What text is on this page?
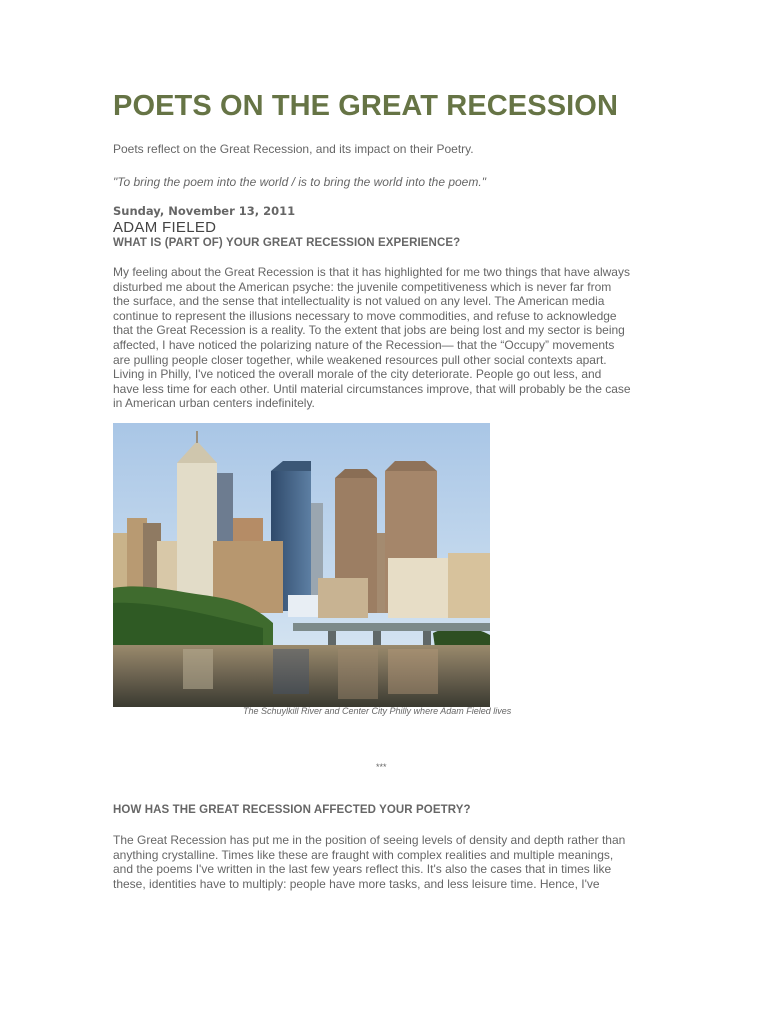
POETS ON THE GREAT RECESSION
Poets reflect on the Great Recession, and its impact on their Poetry.
"To bring the poem into the world / is to bring the world into the poem."
Sunday, November 13, 2011
ADAM FIELED
WHAT IS (PART OF) YOUR GREAT RECESSION EXPERIENCE?
My feeling about the Great Recession is that it has highlighted for me two things that have always
disturbed me about the American psyche: the juvenile competitiveness which is never far from
the surface, and the sense that intellectuality is not valued on any level. The American media
continue to represent the illusions necessary to move commodities, and refuse to acknowledge
that the Great Recession is a reality. To the extent that jobs are being lost and my sector is being
affected, I have noticed the polarizing nature of the Recession— that the “Occupy” movements
are pulling people closer together, while weakened resources pull other social contexts apart.
Living in Philly, I've noticed the overall morale of the city deteriorate. People go out less, and
have less time for each other. Until material circumstances improve, that will probably be the case
in American urban centers indefinitely.
The Schuylkill River and Center City Philly where Adam Fieled lives
***
HOW HAS THE GREAT RECESSION AFFECTED YOUR POETRY?
The Great Recession has put me in the position of seeing levels of density and depth rather than
anything crystalline. Times like these are fraught with complex realities and multiple meanings,
and the poems I've written in the last few years reflect this. It's also the cases that in times like
these, identities have to multiply: people have more tasks, and less leisure time. Hence, I've
